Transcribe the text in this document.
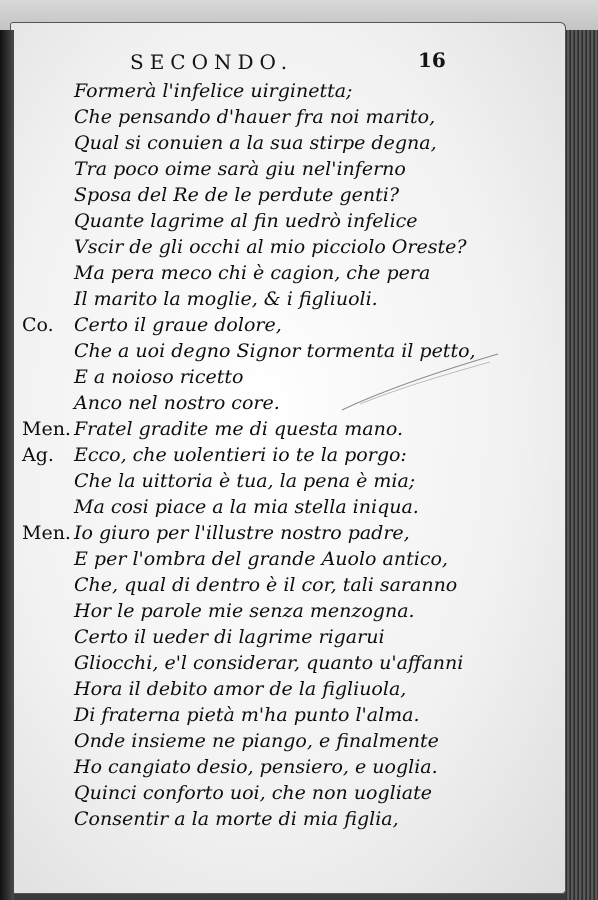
SECONDO.	16
Formerà l'infelice uirginetta;
Che pensando d'hauer fra noi marito,
Qual si conuien a la sua stirpe degna,
Tra poco oime sarà giu nel'inferno
Sposa del Re de le perdute genti?
Quante lagrime al fin uedrò infelice
Vscir de gli occhi al mio picciolo Oreste?
Ma pera meco chi è cagion, che pera
Il marito la moglie, & i figliuoli.
Co. Certo il graue dolore,
Che a uoi degno Signor tormenta il petto,
E a noioso ricetto
Anco nel nostro core.
Men. Fratel gradite me di questa mano.
Ag. Ecco, che uolentieri io te la porgo:
Che la uittoria è tua, la pena è mia;
Ma cosi piace a la mia stella iniqua.
Men. Io giuro per l'illustre nostro padre,
E per l'ombra del grande Auolo antico,
Che, qual di dentro è il cor, tali saranno
Hor le parole mie senza menzogna.
Certo il ueder di lagrime rigarui
Gliocchi, e'l considerar, quanto u'affanni
Hora il debito amor de la figliuola,
Di fraterna pietà m'ha punto l'alma.
Onde insieme ne piango, e finalmente
Ho cangiato desio, pensiero, e uoglia.
Quinci conforto uoi, che non uogliate
Consentir a la morte di mia figlia,
